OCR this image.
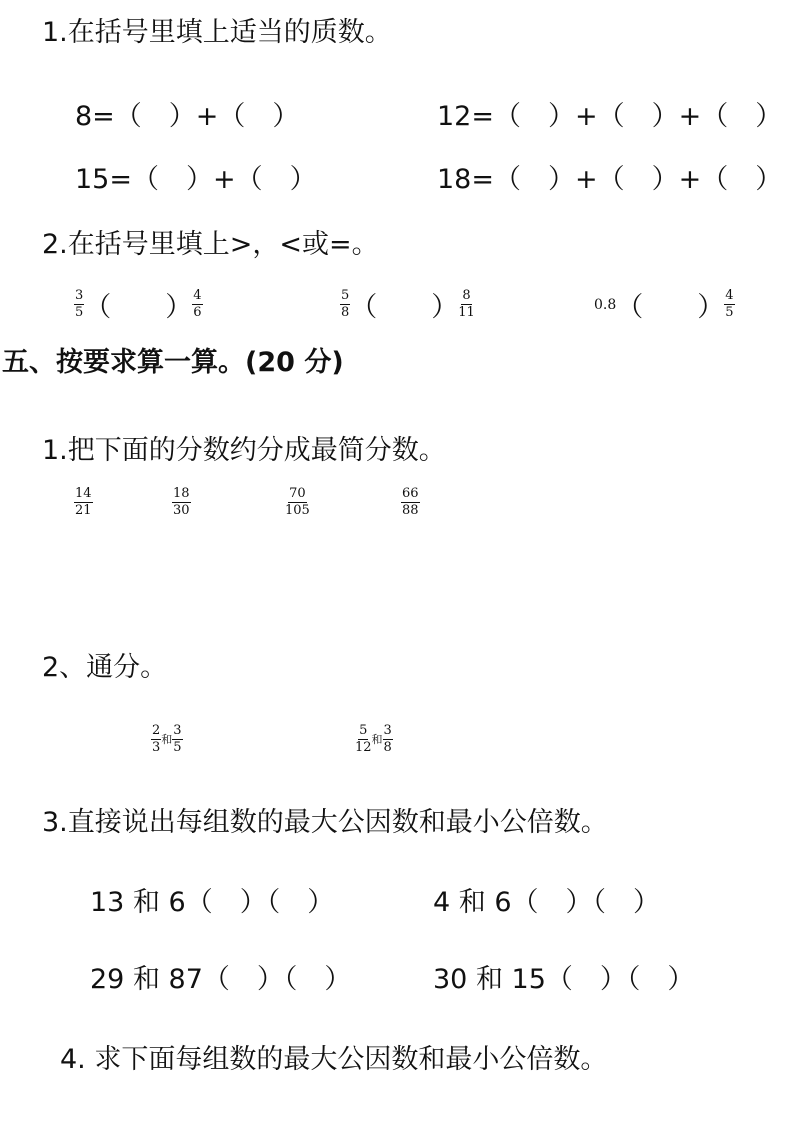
1.在括号里填上适当的质数。
8=（　）+（　）	12=（　）+（　）+（　）
15=（　）+（　）	18=（　）+（　）+（　）
2.在括号里填上>，<或=。
$\frac{3}{5}$ （　　） $\frac{4}{6}$	$\frac{5}{8}$ （　　） $\frac{8}{11}$	0.8 （　　） $\frac{4}{5}$
五、按要求算一算。(20 分)
1.把下面的分数约分成最简分数。
$\frac{14}{21}$	$\frac{18}{30}$	$\frac{70}{105}$	$\frac{66}{88}$
2、通分。
$\frac{2}{3}$ 和 $\frac{3}{5}$	$\frac{5}{12}$ 和 $\frac{3}{8}$
3.直接说出每组数的最大公因数和最小公倍数。
13 和 6（　）（　）	4 和 6（　）（　）
29 和 87（　）（　）	30 和 15（　）（　）
4. 求下面每组数的最大公因数和最小公倍数。
